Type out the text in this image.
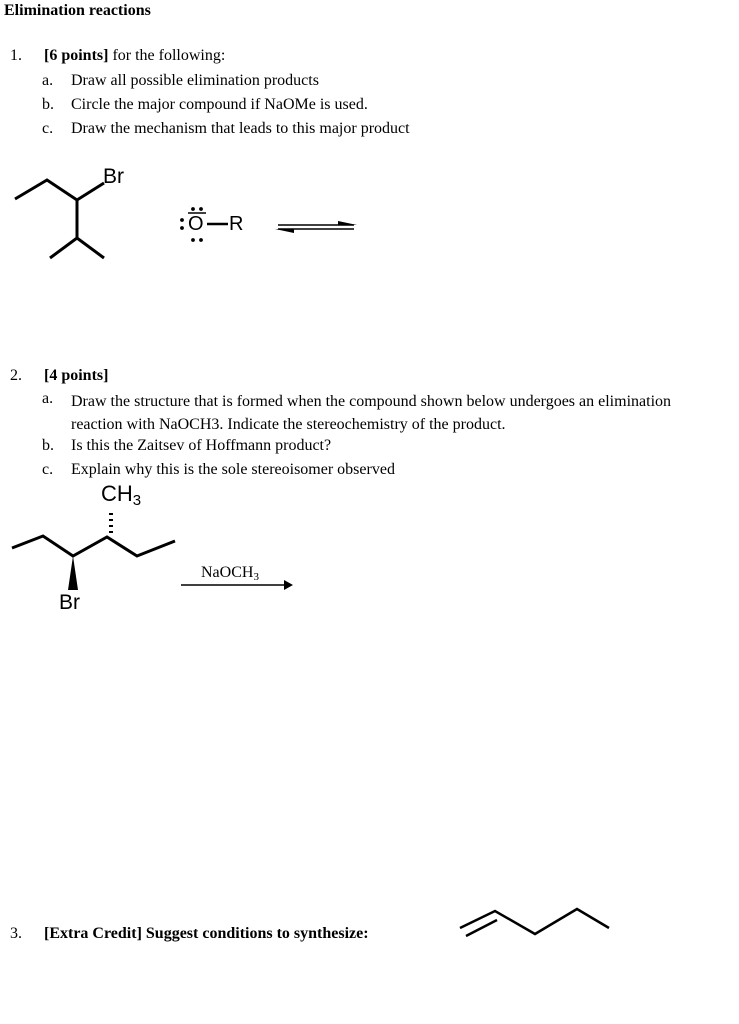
Elimination reactions
1. [6 points] for the following:
a. Draw all possible elimination products
b. Circle the major compound if NaOMe is used.
c. Draw the mechanism that leads to this major product
Br
O R
2. [4 points]
a. Draw the structure that is formed when the compound shown below undergoes an elimination reaction with NaOCH3. Indicate the stereochemistry of the product.
b. Is this the Zaitsev of Hoffmann product?
c. Explain why this is the sole stereoisomer observed
$CH_3$
Br
NaOCH$_3$
3. [Extra Credit] Suggest conditions to synthesize:
